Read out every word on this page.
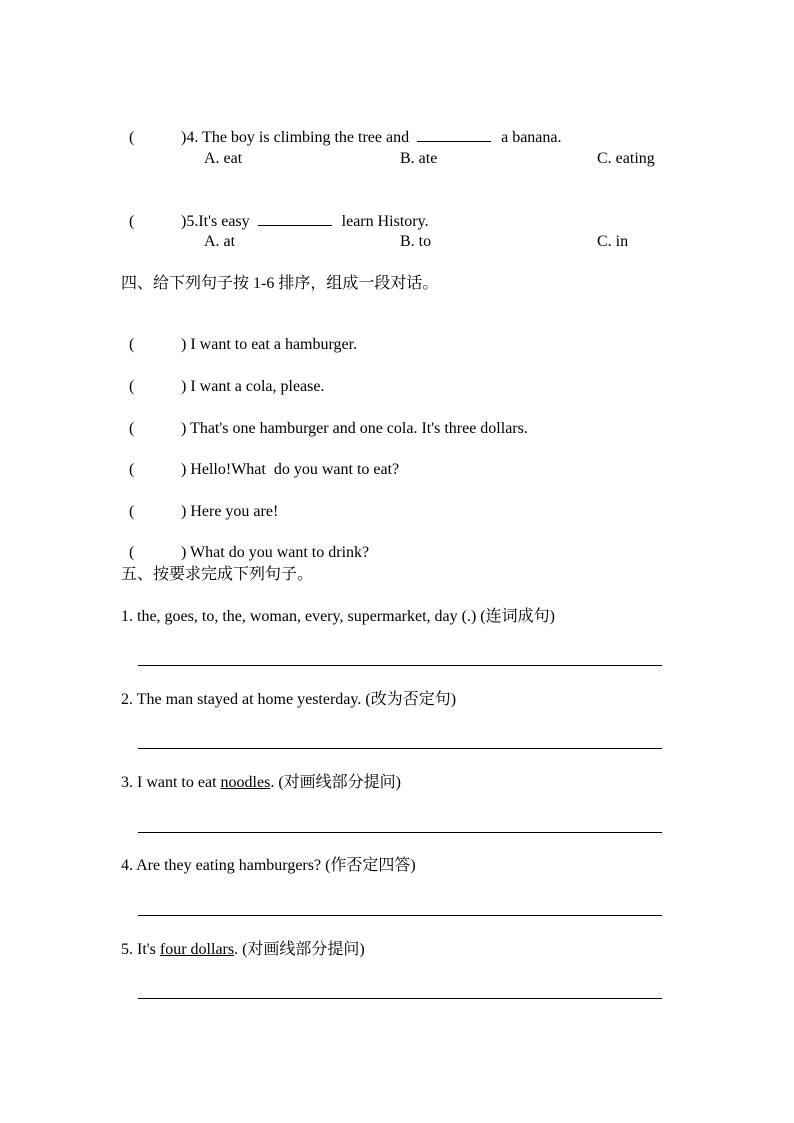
(	)4. The boy is climbing the tree and	a banana.

A. eat	B. ate	C. eating

(	)5.It's easy	learn History.

A. at	B. to	C. in
四、给下列句子按 1-6 排序，组成一段对话。

(	) I want to eat a hamburger.

(	) I want a cola, please.

(	) That's one hamburger and one cola. It's three dollars.

(	) Hello!What  do you want to eat?

(	) Here you are!

(	) What do you want to drink?

五、按要求完成下列句子。
1. the, goes, to, the, woman, every, supermarket, day (.) (连词成句)
2. The man stayed at home yesterday. (改为否定句)
3. I want to eat noodles. (对画线部分提问)
4. Are they eating hamburgers? (作否定四答)
5. It's four dollars. (对画线部分提问)
